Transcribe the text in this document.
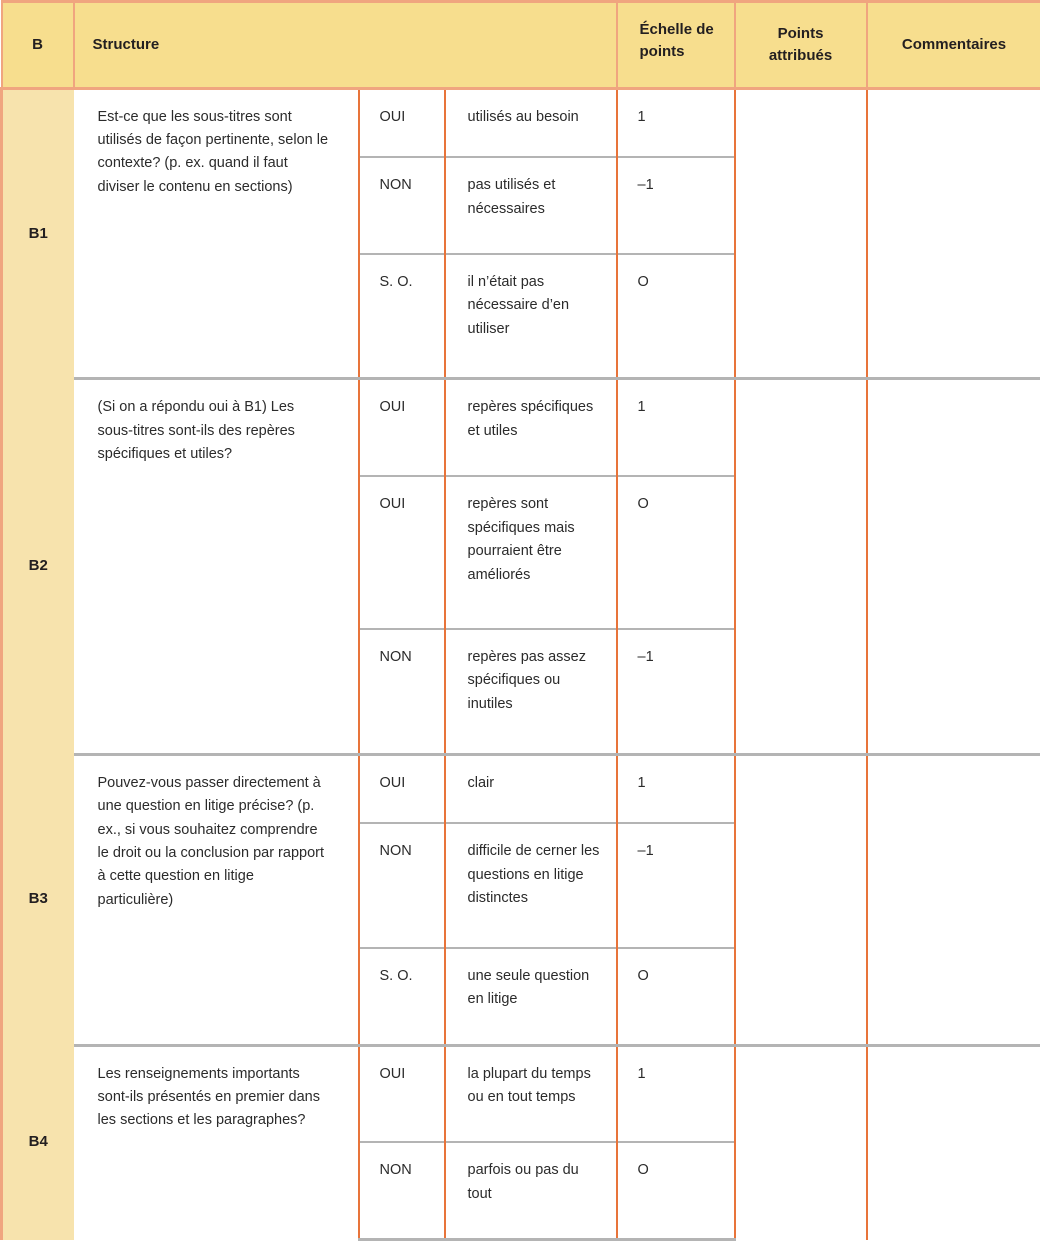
B	Structure			Échelle de points	Points attribués	Commentaires
B1	Est-ce que les sous-titres sont utilisés de façon pertinente, selon le contexte? (p. ex. quand il faut diviser le contenu en sections)	OUI	utilisés au besoin	1		
		NON	pas utilisés et nécessaires	–1		
		S. O.	il n’était pas nécessaire d’en utiliser	O		
B2	(Si on a répondu oui à B1) Les sous-titres sont-ils des repères spécifiques et utiles?	OUI	repères spécifiques et utiles	1		
		OUI	repères sont spécifiques mais pourraient être améliorés	O		
		NON	repères pas assez spécifiques ou inutiles	–1		
B3	Pouvez-vous passer directement à une question en litige précise? (p. ex., si vous souhaitez comprendre le droit ou la conclusion par rapport à cette question en litige particulière)	OUI	clair	1		
		NON	difficile de cerner les questions en litige distinctes	–1		
		S. O.	une seule question en litige	O		
B4	Les renseignements importants sont-ils présentés en premier dans les sections et les paragraphes?	OUI	la plupart du temps ou en tout temps	1		
		NON	parfois ou pas du tout	O		
